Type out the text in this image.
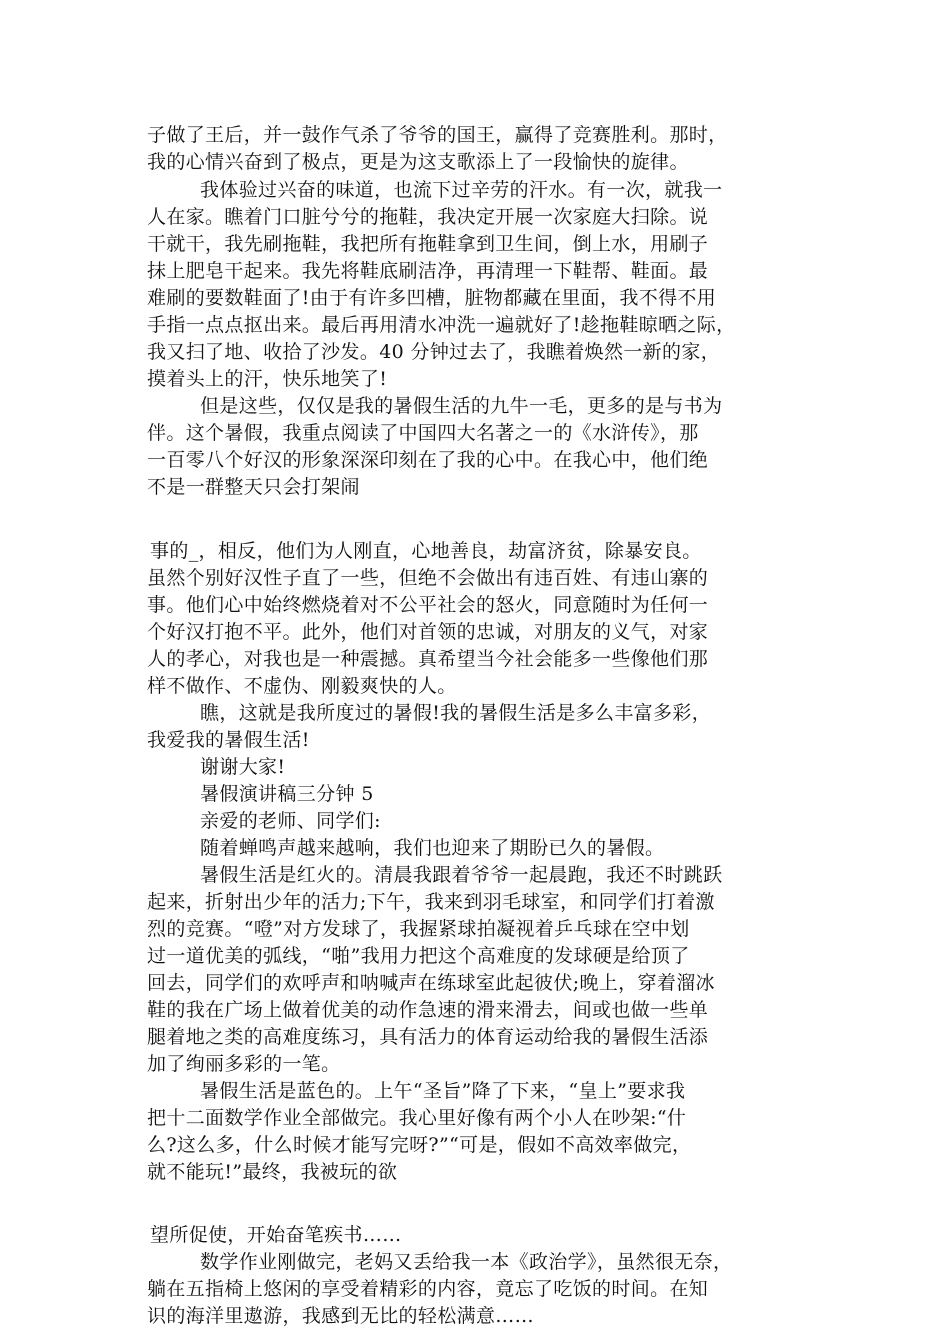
子做了王后，并一鼓作气杀了爷爷的国王，赢得了竞赛胜利。那时，

我的心情兴奋到了极点，更是为这支歌添上了一段愉快的旋律。

我体验过兴奋的味道，也流下过辛劳的汗水。有一次，就我一

人在家。瞧着门口脏兮兮的拖鞋，我决定开展一次家庭大扫除。说

干就干，我先刷拖鞋，我把所有拖鞋拿到卫生间，倒上水，用刷子

抹上肥皂干起来。我先将鞋底刷洁净，再清理一下鞋帮、鞋面。最

难刷的要数鞋面了!由于有许多凹槽，脏物都藏在里面，我不得不用

手指一点点抠出来。最后再用清水冲洗一遍就好了!趁拖鞋晾晒之际，

我又扫了地、收拾了沙发。40 分钟过去了，我瞧着焕然一新的家，

摸着头上的汗，快乐地笑了!

但是这些，仅仅是我的暑假生活的九牛一毛，更多的是与书为

伴。这个暑假，我重点阅读了中国四大名著之一的《水浒传》，那

一百零八个好汉的形象深深印刻在了我的心中。在我心中，他们绝

不是一群整天只会打架闹

事的_，相反，他们为人刚直，心地善良，劫富济贫，除暴安良。

虽然个别好汉性子直了一些，但绝不会做出有违百姓、有违山寨的

事。他们心中始终燃烧着对不公平社会的怒火，同意随时为任何一

个好汉打抱不平。此外，他们对首领的忠诚，对朋友的义气，对家

人的孝心，对我也是一种震撼。真希望当今社会能多一些像他们那

样不做作、不虚伪、刚毅爽快的人。

瞧，这就是我所度过的暑假!我的暑假生活是多么丰富多彩，

我爱我的暑假生活!

谢谢大家!

暑假演讲稿三分钟 5

亲爱的老师、同学们:

随着蝉鸣声越来越响，我们也迎来了期盼已久的暑假。

暑假生活是红火的。清晨我跟着爷爷一起晨跑，我还不时跳跃

起来，折射出少年的活力;下午，我来到羽毛球室，和同学们打着激

烈的竞赛。“噔”对方发球了，我握紧球拍凝视着乒乓球在空中划

过一道优美的弧线，“啪”我用力把这个高难度的发球硬是给顶了

回去，同学们的欢呼声和呐喊声在练球室此起彼伏;晚上，穿着溜冰

鞋的我在广场上做着优美的动作急速的滑来滑去，间或也做一些单

腿着地之类的高难度练习，具有活力的体育运动给我的暑假生活添

加了绚丽多彩的一笔。

暑假生活是蓝色的。上午“圣旨”降了下来，“皇上”要求我

把十二面数学作业全部做完。我心里好像有两个小人在吵架:“什

么?这么多，什么时候才能写完呀?”“可是，假如不高效率做完，

就不能玩!”最终，我被玩的欲

望所促使，开始奋笔疾书……

数学作业刚做完，老妈又丢给我一本《政治学》，虽然很无奈，

躺在五指椅上悠闲的享受着精彩的内容，竟忘了吃饭的时间。在知

识的海洋里遨游，我感到无比的轻松满意……
